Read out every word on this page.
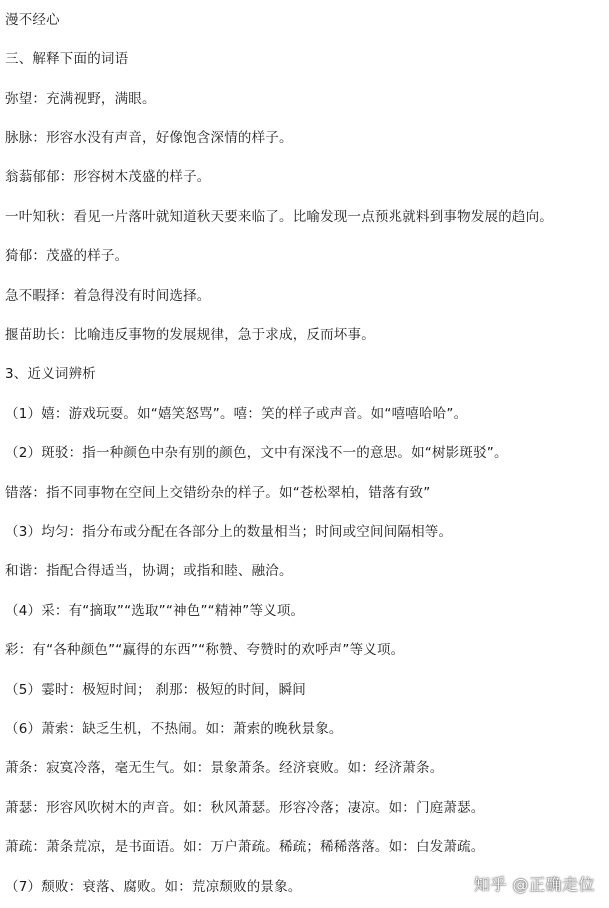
漫不经心
三、解释下面的词语
弥望：充满视野，满眼。
脉脉：形容水没有声音，好像饱含深情的样子。
翁蓊郁郁：形容树木茂盛的样子。
一叶知秋：看见一片落叶就知道秋天要来临了。比喻发现一点预兆就料到事物发展的趋向。
猗郁：茂盛的样子。
急不暇择：着急得没有时间选择。
揠苗助长：比喻违反事物的发展规律，急于求成，反而坏事。
3、近义词辨析
（1）嬉：游戏玩耍。如“嬉笑怒骂”。嘻：笑的样子或声音。如“嘻嘻哈哈”。
（2）斑驳：指一种颜色中杂有别的颜色，文中有深浅不一的意思。如“树影斑驳”。
错落：指不同事物在空间上交错纷杂的样子。如“苍松翠柏，错落有致”
（3）均匀：指分布或分配在各部分上的数量相当；时间或空间间隔相等。
和谐：指配合得适当，协调；或指和睦、融洽。
（4）采：有“摘取”“选取”“神色”“精神”等义项。
彩：有“各种颜色”“赢得的东西”“称赞、夸赞时的欢呼声”等义项。
（5）霎时：极短时间； 刹那：极短的时间，瞬间
（6）萧索：缺乏生机，不热闹。如：萧索的晚秋景象。
萧条：寂寞冷落，毫无生气。如：景象萧条。经济衰败。如：经济萧条。
萧瑟：形容风吹树木的声音。如：秋风萧瑟。形容冷落；凄凉。如：门庭萧瑟。
萧疏：萧条荒凉，是书面语。如：万户萧疏。稀疏；稀稀落落。如：白发萧疏。
（7）颓败：衰落、腐败。如：荒凉颓败的景象。	知乎 @正确走位
